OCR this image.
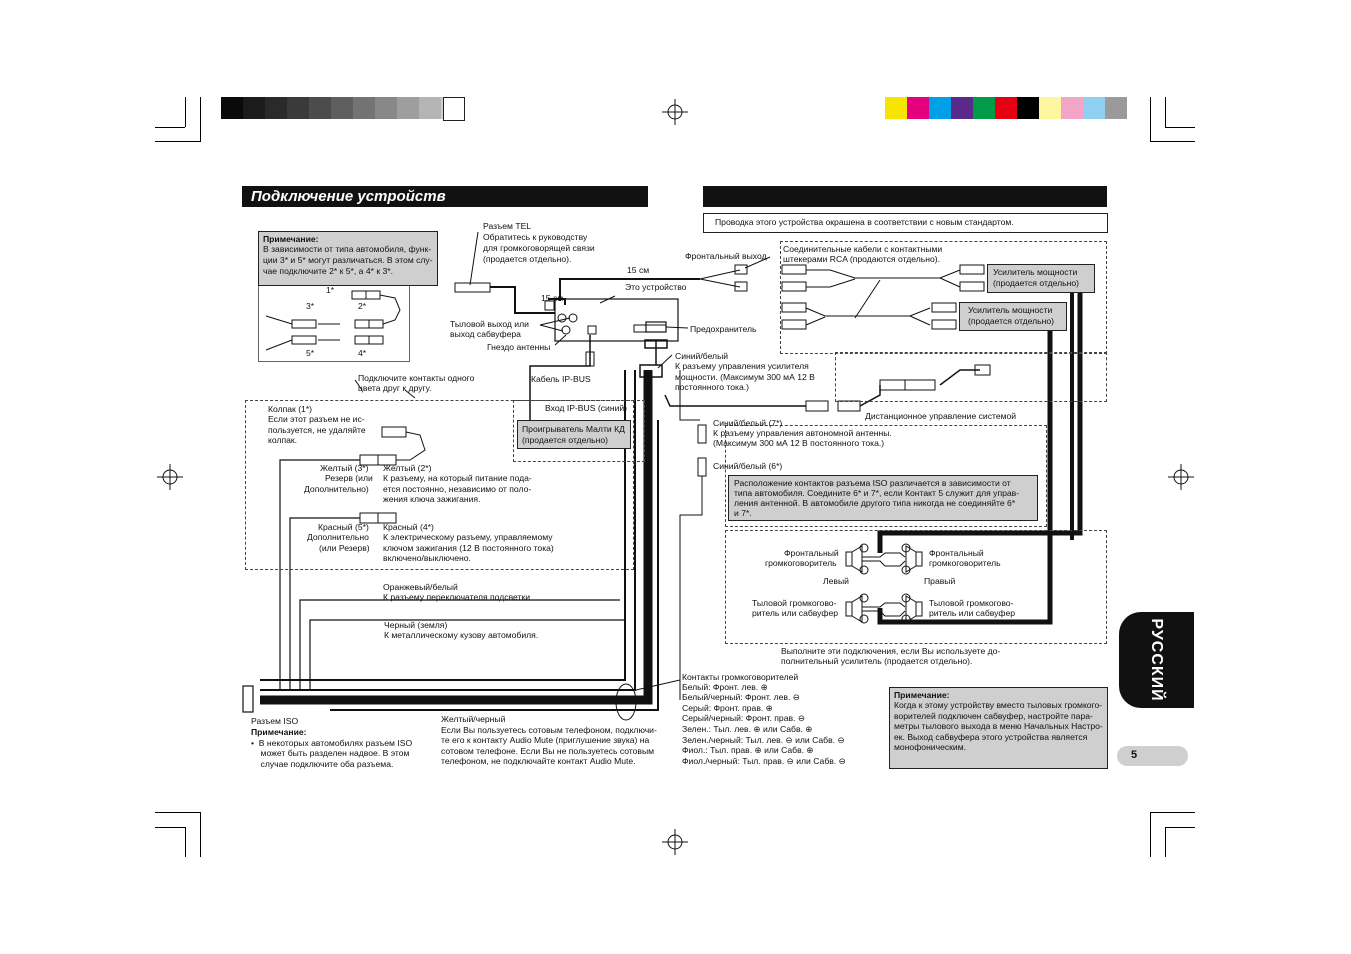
Подключение устройств
Проводка этого устройства окрашена в соответствии с новым стандартом.
Примечание:
В зависимости от типа автомобиля, функ-
ции 3* и 5* могут различаться. В этом слу-
чае подключите 2* к 5*, а 4* к 3*.
1*
2*
3*
4*
5*
Разъем TEL
Обратитесь к руководству
для громкоговорящей связи
(продается отдельно).
15 см
15 см
Фронтальный выход
Соединительные кабели с контактными
штекерами RCA (продаются отдельно).
Усилитель мощности
(продается отдельно)
Усилитель мощности
(продается отдельно)
Это устройство
Тыловой выход или
выход сабвуфера	Предохранитель
Гнездо антенны
Подключите контакты одного
цвета друг к другу.
Кабель IP-BUS
Вход IP-BUS (синий)
Проигрыватель Малти КД
(продается отдельно)
Синий/белый
К разъему управления усилителя
мощности. (Максимум 300 мА 12 В
постоянного тока.)
Дистанционное управление системой
Колпак (1*)
Если этот разъем не ис-
пользуется, не удаляйте
колпак.
Желтый (3*)
Резерв (или
Дополнительно)
Желтый (2*)
К разъему, на который питание пода-
ется постоянно, независимо от поло-
жения ключа зажигания.
Красный (5*)
Дополнительно
(или Резерв)
Красный (4*)
К электрическому разъему, управляемому
ключом зажигания (12 В постоянного тока)
включено/выключено.
Синий/белый (7*)
К разъему управления автономной антенны.
(Максимум 300 мА 12 В постоянного тока.)
Синий/белый (6*)
Расположение контактов разъема ISO различается в зависимости от
типа автомобиля. Соедините 6* и 7*, если Контакт 5 служит для управ-
ления антенной. В автомобиле другого типа никогда не соединяйте 6*
и 7*.
Фронтальный
громкоговоритель
Фронтальный
громкоговоритель
Левый	Правый
Тыловой громкогово-
ритель или сабвуфер
Тыловой громкогово-
ритель или сабвуфер
Оранжевый/белый
К разъему переключателя подсветки
Черный (земля)
К металлическому кузову автомобиля.
Выполните эти подключения, если Вы используете до-
полнительный усилитель (продается отдельно).
Контакты громкоговорителей
Белый: Фронт. лев. ⊕
Белый/черный: Фронт. лев. ⊖
Серый: Фронт. прав. ⊕
Серый/черный: Фронт. прав. ⊖
Зелен.: Тыл. лев. ⊕ или Сабв. ⊕
Зелен./черный: Тыл. лев. ⊖ или Сабв. ⊖
Фиол.: Тыл. прав. ⊕ или Сабв. ⊕
Фиол./черный: Тыл. прав. ⊖ или Сабв. ⊖
Разъем ISO
Примечание:
•  В некоторых автомобилях разъем ISO
может быть разделен надвое. В этом
случае подключите оба разъема.
Желтый/черный
Если Вы пользуетесь сотовым телефоном, подключи-
те его к контакту Audio Mute (приглушение звука) на
сотовом телефоне. Если Вы не пользуетесь сотовым
телефоном, не подключайте контакт Audio Mute.
Примечание:
Когда к этому устройству вместо тыловых громкого-
ворителей подключен сабвуфер, настройте пара-
метры тылового выхода в меню Начальных Настро-
ек. Выход сабвуфера этого устройства является
монофоническим.
РУССКИЙ
5
